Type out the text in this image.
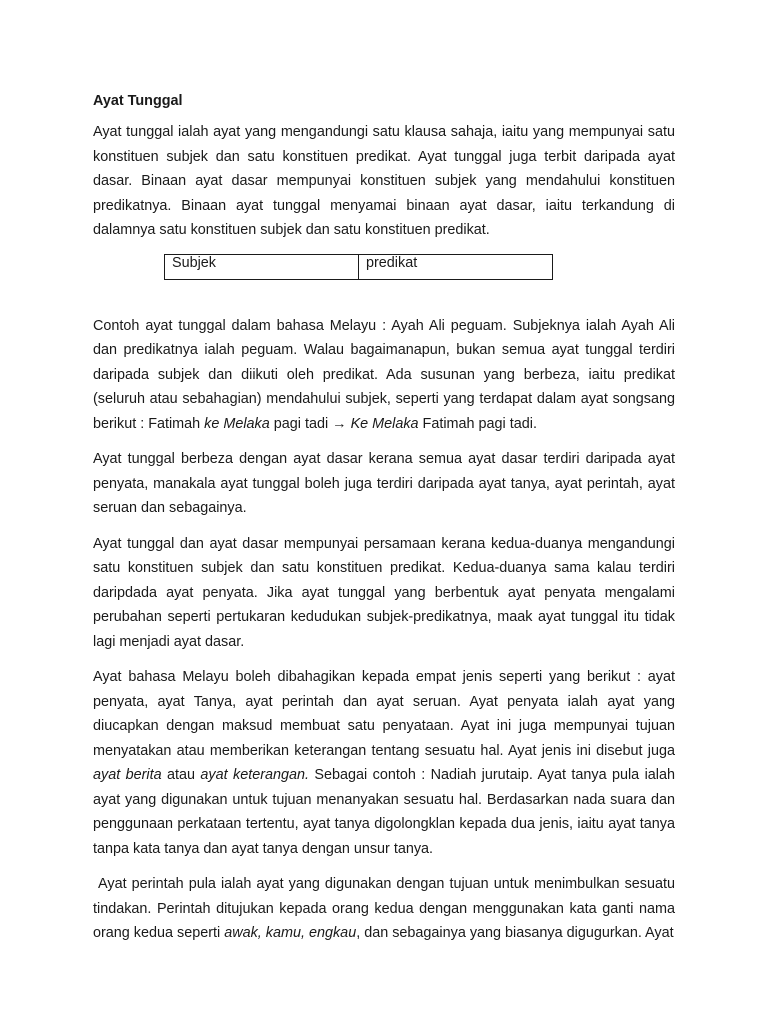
Ayat Tunggal

Ayat tunggal ialah ayat yang mengandungi satu klausa sahaja, iaitu yang mempunyai satu konstituen subjek dan satu konstituen predikat. Ayat tunggal juga terbit daripada ayat dasar. Binaan ayat dasar mempunyai konstituen subjek yang mendahului konstituen predikatnya. Binaan ayat tunggal menyamai binaan ayat dasar, iaitu terkandung di dalamnya satu konstituen subjek dan satu konstituen predikat.

Subjek	predikat

Contoh ayat tunggal dalam bahasa Melayu : Ayah Ali peguam. Subjeknya ialah Ayah Ali dan predikatnya ialah peguam. Walau bagaimanapun, bukan semua ayat tunggal terdiri daripada subjek dan diikuti oleh predikat. Ada susunan yang berbeza, iaitu predikat (seluruh atau sebahagian) mendahului subjek, seperti yang terdapat dalam ayat songsang berikut : Fatimah ke Melaka pagi tadi → Ke Melaka Fatimah pagi tadi.

Ayat tunggal berbeza dengan ayat dasar kerana semua ayat dasar terdiri daripada ayat penyata, manakala ayat tunggal boleh juga terdiri daripada ayat tanya, ayat perintah, ayat seruan dan sebagainya.

Ayat tunggal dan ayat dasar mempunyai persamaan kerana kedua-duanya mengandungi satu konstituen subjek dan satu konstituen predikat. Kedua-duanya sama kalau terdiri daripdada ayat penyata. Jika ayat tunggal yang berbentuk ayat penyata mengalami perubahan seperti pertukaran kedudukan subjek-predikatnya, maak ayat tunggal itu tidak lagi menjadi ayat dasar.

Ayat bahasa Melayu boleh dibahagikan kepada empat jenis seperti yang berikut : ayat penyata, ayat Tanya, ayat perintah dan ayat seruan. Ayat penyata ialah ayat yang diucapkan dengan maksud membuat satu penyataan. Ayat ini juga mempunyai tujuan menyatakan atau memberikan keterangan tentang sesuatu hal. Ayat jenis ini disebut juga ayat berita atau ayat keterangan. Sebagai contoh : Nadiah jurutaip. Ayat tanya pula ialah ayat yang digunakan untuk tujuan menanyakan sesuatu hal. Berdasarkan nada suara dan penggunaan perkataan tertentu, ayat tanya digolongklan kepada dua jenis, iaitu ayat tanya tanpa kata tanya dan ayat tanya dengan unsur tanya.

Ayat perintah pula ialah ayat yang digunakan dengan tujuan untuk menimbulkan sesuatu tindakan. Perintah ditujukan kepada orang kedua dengan menggunakan kata ganti nama orang kedua seperti awak, kamu, engkau, dan sebagainya yang biasanya digugurkan. Ayat
